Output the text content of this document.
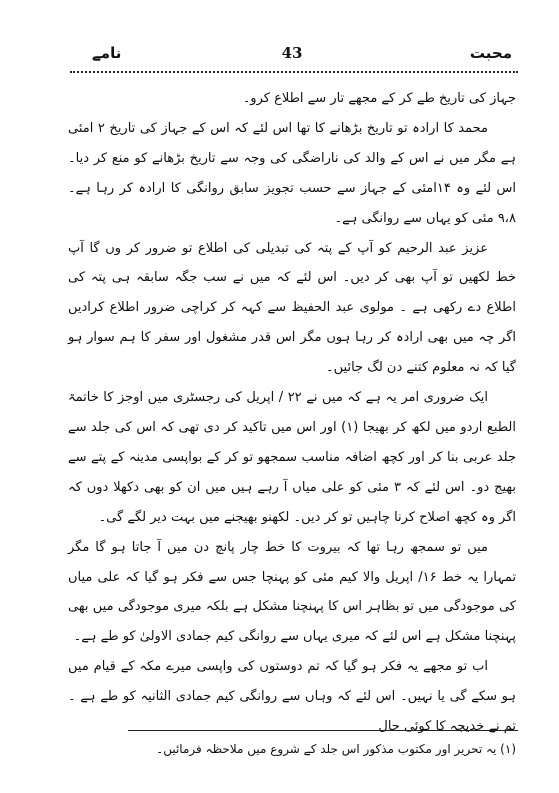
محبت
43
نامے

جہاز کی تاریخ طے کر کے مجھے تار سے اطلاع کرو۔

محمد کا ارادہ تو تاریخ بڑھانے کا تھا اس لئے کہ اس کے جہاز کی تاریخ ۲ امئی ہے مگر میں نے اس کے والد کی ناراضگی کی وجہ سے تاریخ بڑھانے کو منع کر دیا۔ اس لئے وہ ۱۴امئی کے جہاز سے حسب تجویز سابق روانگی کا ارادہ کر رہا ہے۔ ۹،۸ مئی کو یہاں سے روانگی ہے۔

عزیز عبد الرحیم کو آپ کے پتہ کی تبدیلی کی اطلاع تو ضرور کر وں گا آپ خط لکھیں تو آپ بھی کر دیں۔ اس لئے کہ میں نے سب جگہ سابقہ ہی پتہ کی اطلاع دے رکھی ہے ۔ مولوی عبد الحفیظ سے کہہ کر کراچی ضرور اطلاع کرادیں اگر چہ میں بھی ارادہ کر رہا ہوں مگر اس قدر مشغول اور سفر کا ہم سوار ہو گیا کہ نہ معلوم کتنے دن لگ جائیں۔

ایک ضروری امر یہ ہے کہ میں نے ۲۲ / اپریل کی رجسٹری میں اوجز کا خاتمۃ الطبع اردو میں لکھ کر بھیجا (۱) اور اس میں تاکید کر دی تھی کہ اس کی جلد سے جلد عربی بنا کر اور کچھ اضافہ مناسب سمجھو تو کر کے بواپسی مدینہ کے پتے سے بھیج دو۔ اس لئے کہ ۳ مئی کو علی میاں آ رہے ہیں میں ان کو بھی دکھلا دوں کہ اگر وہ کچھ اصلاح کرنا چاہیں تو کر دیں۔ لکھنو بھیجنے میں بہت دیر لگے گی۔

میں تو سمجھ رہا تھا کہ بیروت کا خط چار پانچ دن میں آ جاتا ہو گا مگر تمہارا یہ خط ۱۶/ اپریل والا کیم مئی کو پہنچا جس سے فکر ہو گیا کہ علی میاں کی موجودگی میں تو بظاہر اس کا پہنچنا مشکل ہے بلکہ میری موجودگی میں بھی پہنچنا مشکل ہے اس لئے کہ میری یہاں سے روانگی کیم جمادی الاولیٰ کو طے ہے۔

اب تو مجھے یہ فکر ہو گیا کہ تم دوستوں کی واپسی میرے مکہ کے قیام میں ہو سکے گی یا نہیں۔ اس لئے کہ وہاں سے روانگی کیم جمادی الثانیہ کو طے ہے ۔ تم نے خدیجہ کا کوئی حال

(۱) یہ تحریر اور مکتوب مذکور اس جلد کے شروع میں ملاحظہ فرمائیں۔
